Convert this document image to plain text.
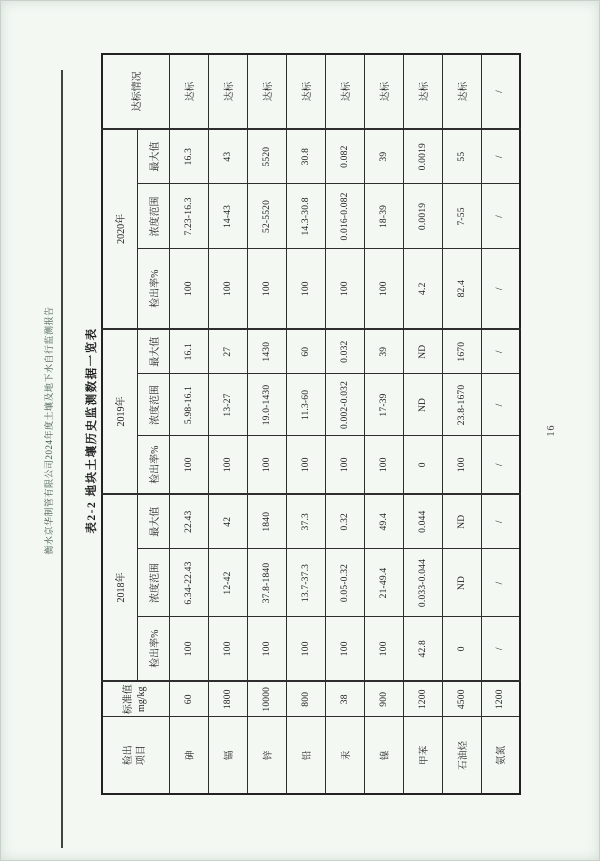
衡水京华制管有限公司2024年度土壤及地下水自行监测报告	表2-2 地块土壤历史监测数据一览表
检出 项目	标准值 mg/kg	2018年			2019年			2020年			达标情况
		检出率%	浓度范围	最大值	检出率%	浓度范围	最大值	检出率%	浓度范围	最大值	
砷	60	100	6.34-22.43	22.43	100	5.98-16.1	16.1	100	7.23-16.3	16.3	达标
镉	1800	100	12-42	42	100	13-27	27	100	14-43	43	达标
锌	10000	100	37.8-1840	1840	100	19.0-1430	1430	100	52-5520	5520	达标
铅	800	100	13.7-37.3	37.3	100	11.3-60	60	100	14.3-30.8	30.8	达标
汞	38	100	0.05-0.32	0.32	100	0.002-0.032	0.032	100	0.016-0.082	0.082	达标
镍	900	100	21-49.4	49.4	100	17-39	39	100	18-39	39	达标
甲苯	1200	42.8	0.033-0.044	0.044	0	ND	ND	4.2	0.0019	0.0019	达标
石油烃	4500	0	ND	ND	100	23.8-1670	1670	82.4	7-55	55	达标
氨氮	1200	/	/	/	/	/	/	/	/	/	/
16
